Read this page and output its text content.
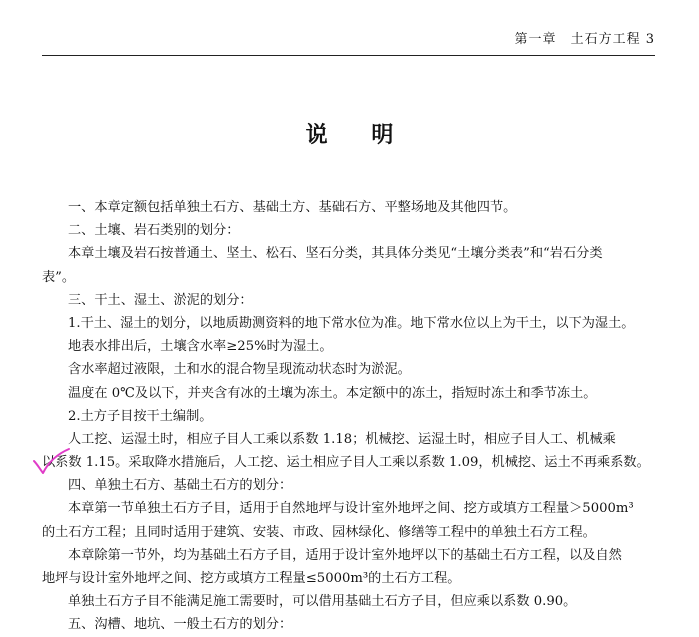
第一章 土石方工程 3
说 明
一、本章定额包括单独土石方、基础土方、基础石方、平整场地及其他四节。
二、土壤、岩石类别的划分：
本章土壤及岩石按普通土、坚土、松石、坚石分类，其具体分类见“土壤分类表”和“岩石分类
表”。
三、干土、湿土、淤泥的划分：
1.干土、湿土的划分，以地质勘测资料的地下常水位为准。地下常水位以上为干土，以下为湿土。
地表水排出后，土壤含水率≥25%时为湿土。
含水率超过液限，土和水的混合物呈现流动状态时为淤泥。
温度在 0℃及以下，并夹含有冰的土壤为冻土。本定额中的冻土，指短时冻土和季节冻土。
2.土方子目按干土编制。
人工挖、运湿土时，相应子目人工乘以系数 1.18；机械挖、运湿土时，相应子目人工、机械乘
以系数 1.15。采取降水措施后，人工挖、运土相应子目人工乘以系数 1.09，机械挖、运土不再乘系数。
四、单独土石方、基础土石方的划分：
本章第一节单独土石方子目，适用于自然地坪与设计室外地坪之间、挖方或填方工程量＞5000m³
的土石方工程；且同时适用于建筑、安装、市政、园林绿化、修缮等工程中的单独土石方工程。
本章除第一节外，均为基础土石方子目，适用于设计室外地坪以下的基础土石方工程，以及自然
地坪与设计室外地坪之间、挖方或填方工程量≤5000m³的土石方工程。
单独土石方子目不能满足施工需要时，可以借用基础土石方子目，但应乘以系数 0.90。
五、沟槽、地坑、一般土石方的划分：
